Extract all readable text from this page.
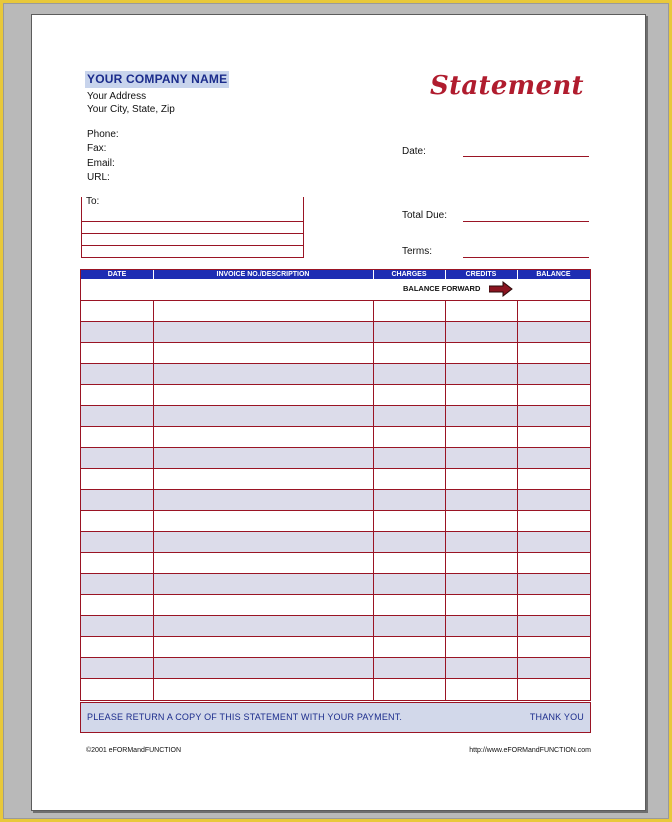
YOUR COMPANY NAME
Your Address
Your City, State, Zip
Phone:
Fax:
Email:
URL:
Statement
Date:
Total Due:
Terms:
To:
DATE	INVOICE NO./DESCRIPTION	CHARGES	CREDITS	BALANCE
BALANCE FORWARD
PLEASE RETURN A COPY OF THIS STATEMENT WITH YOUR PAYMENT.	THANK YOU
©2001 eFORMandFUNCTION	http://www.eFORMandFUNCTION.com
